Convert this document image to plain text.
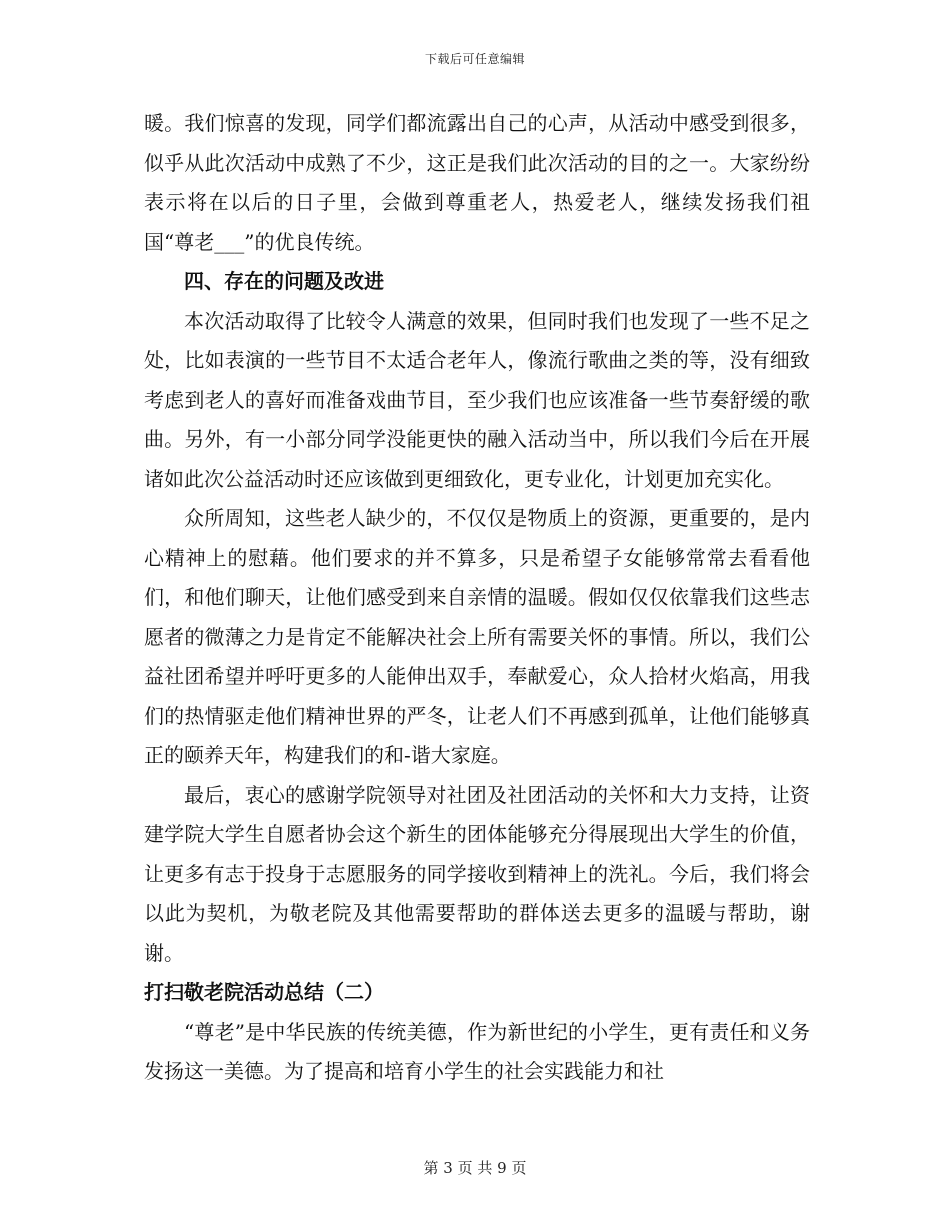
下载后可任意编辑

暖。我们惊喜的发现，同学们都流露出自己的心声，从活动中感受到很多，似乎从此次活动中成熟了不少，这正是我们此次活动的目的之一。大家纷纷表示将在以后的日子里，会做到尊重老人，热爱老人，继续发扬我们祖国“尊老___”的优良传统。

四、存在的问题及改进

本次活动取得了比较令人满意的效果，但同时我们也发现了一些不足之处，比如表演的一些节目不太适合老年人，像流行歌曲之类的等，没有细致考虑到老人的喜好而准备戏曲节目，至少我们也应该准备一些节奏舒缓的歌曲。另外，有一小部分同学没能更快的融入活动当中，所以我们今后在开展诸如此次公益活动时还应该做到更细致化，更专业化，计划更加充实化。

众所周知，这些老人缺少的，不仅仅是物质上的资源，更重要的，是内心精神上的慰藉。他们要求的并不算多，只是希望子女能够常常去看看他们，和他们聊天，让他们感受到来自亲情的温暖。假如仅仅依靠我们这些志愿者的微薄之力是肯定不能解决社会上所有需要关怀的事情。所以，我们公益社团希望并呼吁更多的人能伸出双手，奉献爱心，众人拾材火焰高，用我们的热情驱走他们精神世界的严冬，让老人们不再感到孤单，让他们能够真正的颐养天年，构建我们的和-谐大家庭。

最后，衷心的感谢学院领导对社团及社团活动的关怀和大力支持，让资建学院大学生自愿者协会这个新生的团体能够充分得展现出大学生的价值，让更多有志于投身于志愿服务的同学接收到精神上的洗礼。今后，我们将会以此为契机，为敬老院及其他需要帮助的群体送去更多的温暖与帮助，谢谢。

打扫敬老院活动总结（二）

“尊老”是中华民族的传统美德，作为新世纪的小学生，更有责任和义务发扬这一美德。为了提高和培育小学生的社会实践能力和社

第 3 页 共 9 页
